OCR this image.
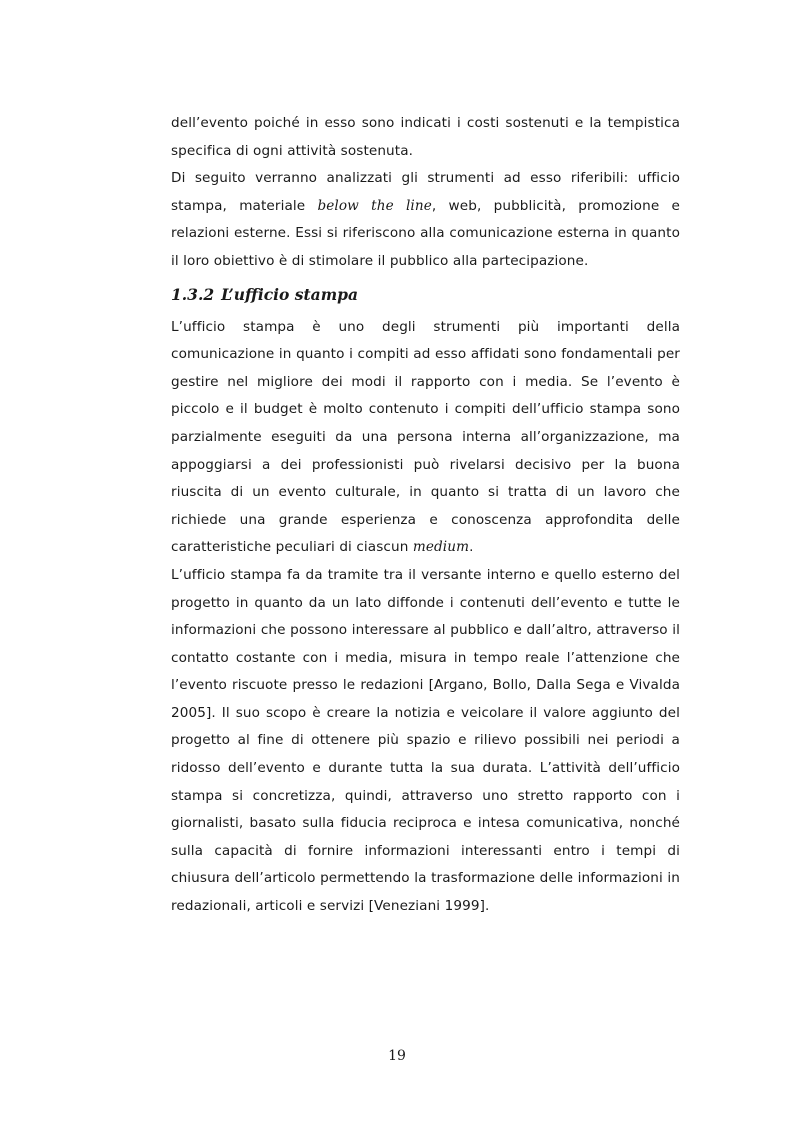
dell’evento poiché in esso sono indicati i costi sostenuti e la tempistica specifica di ogni attività sostenuta.

Di seguito verranno analizzati gli strumenti ad esso riferibili: ufficio stampa, materiale below the line, web, pubblicità, promozione e relazioni esterne. Essi si riferiscono alla comunicazione esterna in quanto il loro obiettivo è di stimolare il pubblico alla partecipazione.

1.3.2 L’ufficio stampa

L’ufficio stampa è uno degli strumenti più importanti della comunicazione in quanto i compiti ad esso affidati sono fondamentali per gestire nel migliore dei modi il rapporto con i media. Se l’evento è piccolo e il budget è molto contenuto i compiti dell’ufficio stampa sono parzialmente eseguiti da una persona interna all’organizzazione, ma appoggiarsi a dei professionisti può rivelarsi decisivo per la buona riuscita di un evento culturale, in quanto si tratta di un lavoro che richiede una grande esperienza e conoscenza approfondita delle caratteristiche peculiari di ciascun medium.

L’ufficio stampa fa da tramite tra il versante interno e quello esterno del progetto in quanto da un lato diffonde i contenuti dell’evento e tutte le informazioni che possono interessare al pubblico e dall’altro, attraverso il contatto costante con i media, misura in tempo reale l’attenzione che l’evento riscuote presso le redazioni [Argano, Bollo, Dalla Sega e Vivalda 2005]. Il suo scopo è creare la notizia e veicolare il valore aggiunto del progetto al fine di ottenere più spazio e rilievo possibili nei periodi a ridosso dell’evento e durante tutta la sua durata. L’attività dell’ufficio stampa si concretizza, quindi, attraverso uno stretto rapporto con i giornalisti, basato sulla fiducia reciproca e intesa comunicativa, nonché sulla capacità di fornire informazioni interessanti entro i tempi di chiusura dell’articolo permettendo la trasformazione delle informazioni in redazionali, articoli e servizi [Veneziani 1999].

19
